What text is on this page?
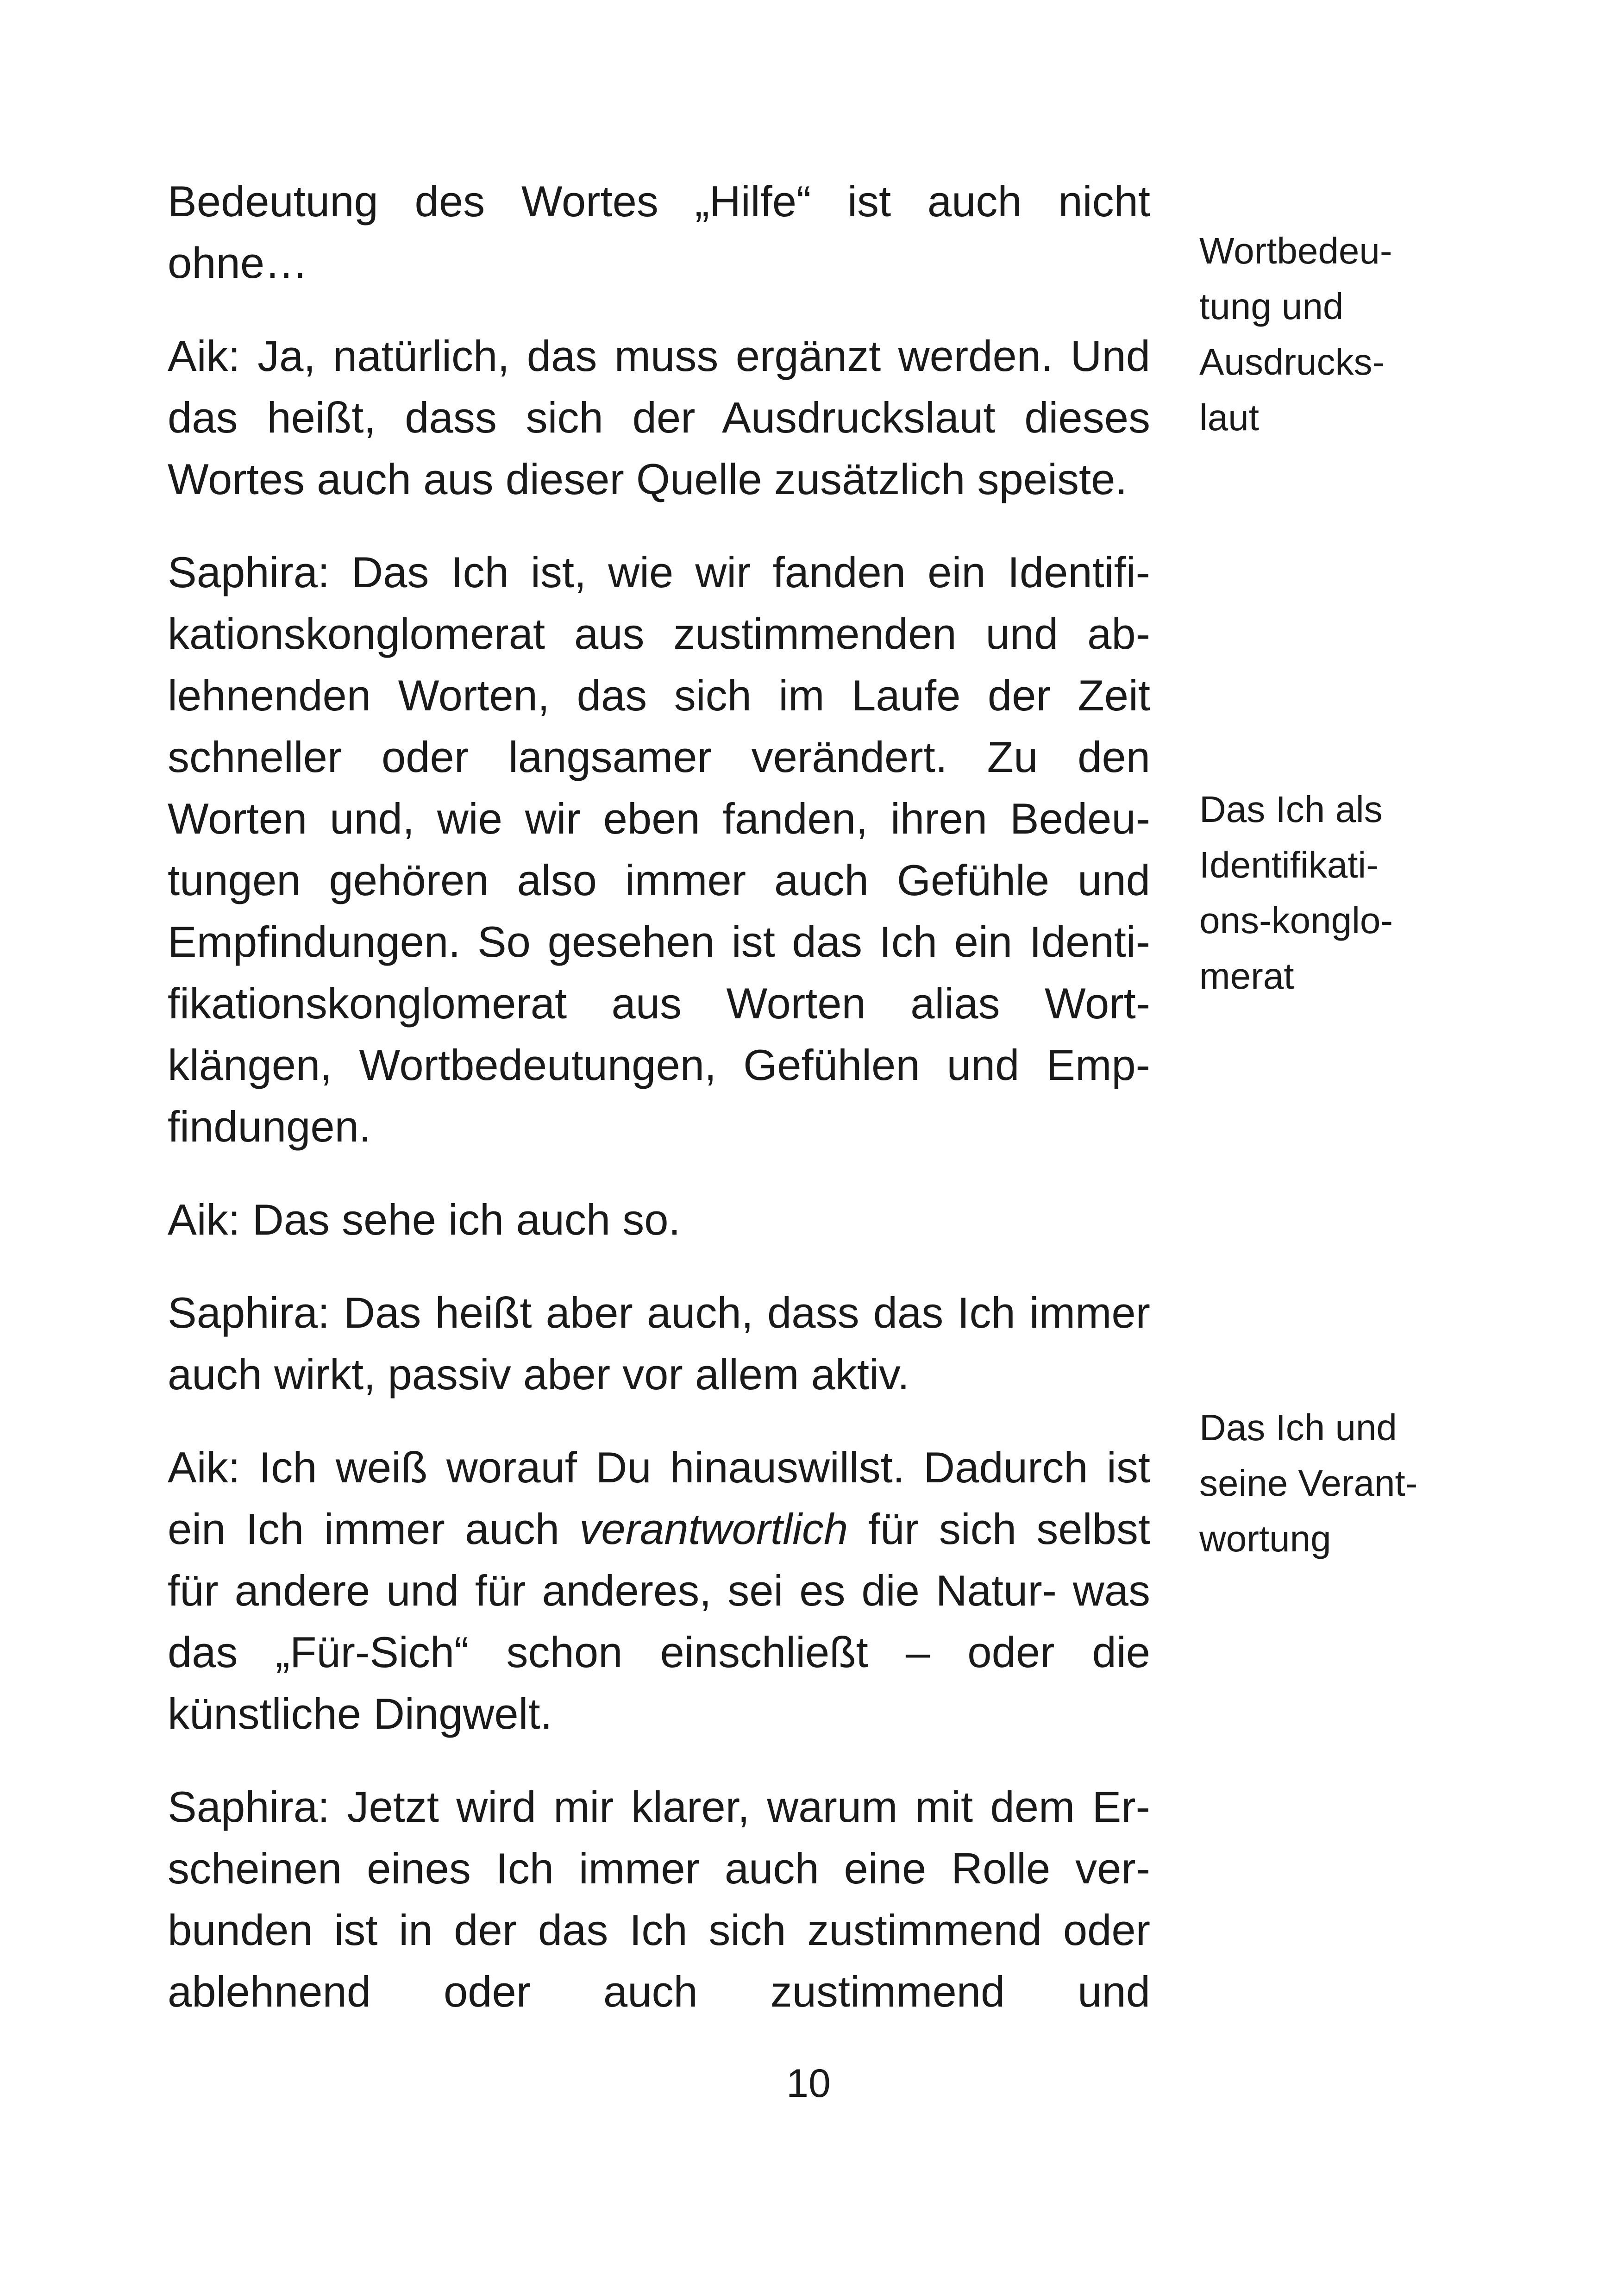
Bedeutung des Wortes „Hilfe“ ist auch nicht
ohne…
Aik: Ja, natürlich, das muss ergänzt werden. Und
das heißt, dass sich der Ausdruckslaut dieses
Wortes auch aus dieser Quelle zusätzlich speiste.
Saphira: Das Ich ist, wie wir fanden ein Identifi-
kationskonglomerat aus zustimmenden und ab-
lehnenden Worten, das sich im Laufe der Zeit
schneller oder langsamer verändert. Zu den
Worten und, wie wir eben fanden, ihren Bedeu-
tungen gehören also immer auch Gefühle und
Empfindungen. So gesehen ist das Ich ein Identi-
fikationskonglomerat aus Worten alias Wort-
klängen, Wortbedeutungen, Gefühlen und Emp-
findungen.
Aik: Das sehe ich auch so.
Saphira: Das heißt aber auch, dass das Ich immer
auch wirkt, passiv aber vor allem aktiv.
Aik: Ich weiß worauf Du hinauswillst. Dadurch ist
ein Ich immer auch verantwortlich für sich selbst
für andere und für anderes, sei es die Natur- was
das „Für-Sich“ schon einschließt – oder die
künstliche Dingwelt.
Saphira: Jetzt wird mir klarer, warum mit dem Er-
scheinen eines Ich immer auch eine Rolle ver-
bunden ist in der das Ich sich zustimmend oder
ablehnend oder auch zustimmend und
Wortbedeu-
tung und
Ausdrucks-
laut
Das Ich als
Identifikati-
ons-konglo-
merat
Das Ich und
seine Verant-
wortung
10
